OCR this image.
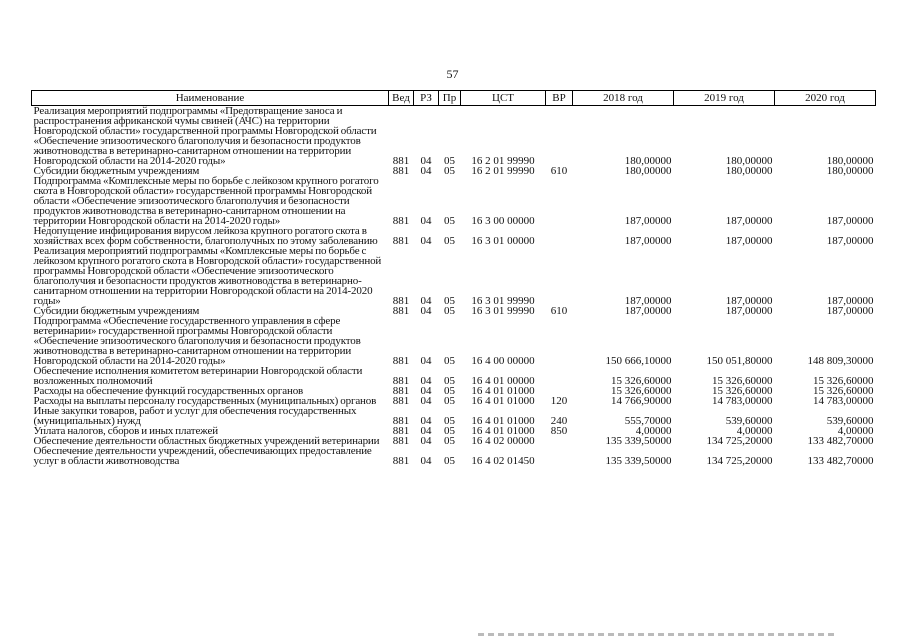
57
Наименование	Вед	РЗ	Пр	ЦСТ	ВР	2018 год	2019 год	2020 год
Реализация мероприятий подпрограммы «Предотвращение заноса и распространения африканской чумы свиней (АЧС) на территории Новгородской области» государственной программы Новгородской области «Обеспечение эпизоотического благополучия и безопасности продуктов животноводства в ветеринарно-санитарном отношении на территории Новгородской области на 2014-2020 годы»	881	04	05	16 2 01 99990		180,00000	180,00000	180,00000
Субсидии бюджетным учреждениям	881	04	05	16 2 01 99990	610	180,00000	180,00000	180,00000
Подпрограмма «Комплексные меры по борьбе с лейкозом крупного рогатого скота в Новгородской области» государственной программы Новгородской области «Обеспечение эпизоотического благополучия и безопасности продуктов животноводства в ветеринарно-санитарном отношении на территории Новгородской области на 2014-2020 годы»	881	04	05	16 3 00 00000		187,00000	187,00000	187,00000
Недопущение инфицирования вирусом лейкоза крупного рогатого скота в хозяйствах всех форм собственности, благополучных по этому заболеванию	881	04	05	16 3 01 00000		187,00000	187,00000	187,00000
Реализация мероприятий подпрограммы «Комплексные меры по борьбе с лейкозом крупного рогатого скота в Новгородской области» государственной программы Новгородской области «Обеспечение эпизоотического благополучия и безопасности продуктов животноводства в ветеринарно-санитарном отношении на территории Новгородской области на 2014-2020 годы»	881	04	05	16 3 01 99990		187,00000	187,00000	187,00000
Субсидии бюджетным учреждениям	881	04	05	16 3 01 99990	610	187,00000	187,00000	187,00000
Подпрограмма «Обеспечение государственного управления в сфере ветеринарии» государственной программы Новгородской области «Обеспечение эпизоотического благополучия и безопасности продуктов животноводства в ветеринарно-санитарном отношении на территории Новгородской области на 2014-2020 годы»	881	04	05	16 4 00 00000		150 666,10000	150 051,80000	148 809,30000
Обеспечение исполнения комитетом ветеринарии Новгородской области возложенных полномочий	881	04	05	16 4 01 00000		15 326,60000	15 326,60000	15 326,60000
Расходы на обеспечение функций государственных органов	881	04	05	16 4 01 01000		15 326,60000	15 326,60000	15 326,60000
Расходы на выплаты персоналу государственных (муниципальных) органов	881	04	05	16 4 01 01000	120	14 766,90000	14 783,00000	14 783,00000
Иные закупки товаров, работ и услуг для обеспечения государственных (муниципальных) нужд	881	04	05	16 4 01 01000	240	555,70000	539,60000	539,60000
Уплата налогов, сборов и иных платежей	881	04	05	16 4 01 01000	850	4,00000	4,00000	4,00000
Обеспечение деятельности областных бюджетных учреждений ветеринарии	881	04	05	16 4 02 00000		135 339,50000	134 725,20000	133 482,70000
Обеспечение деятельности учреждений, обеспечивающих предоставление услуг в области животноводства	881	04	05	16 4 02 01450		135 339,50000	134 725,20000	133 482,70000
